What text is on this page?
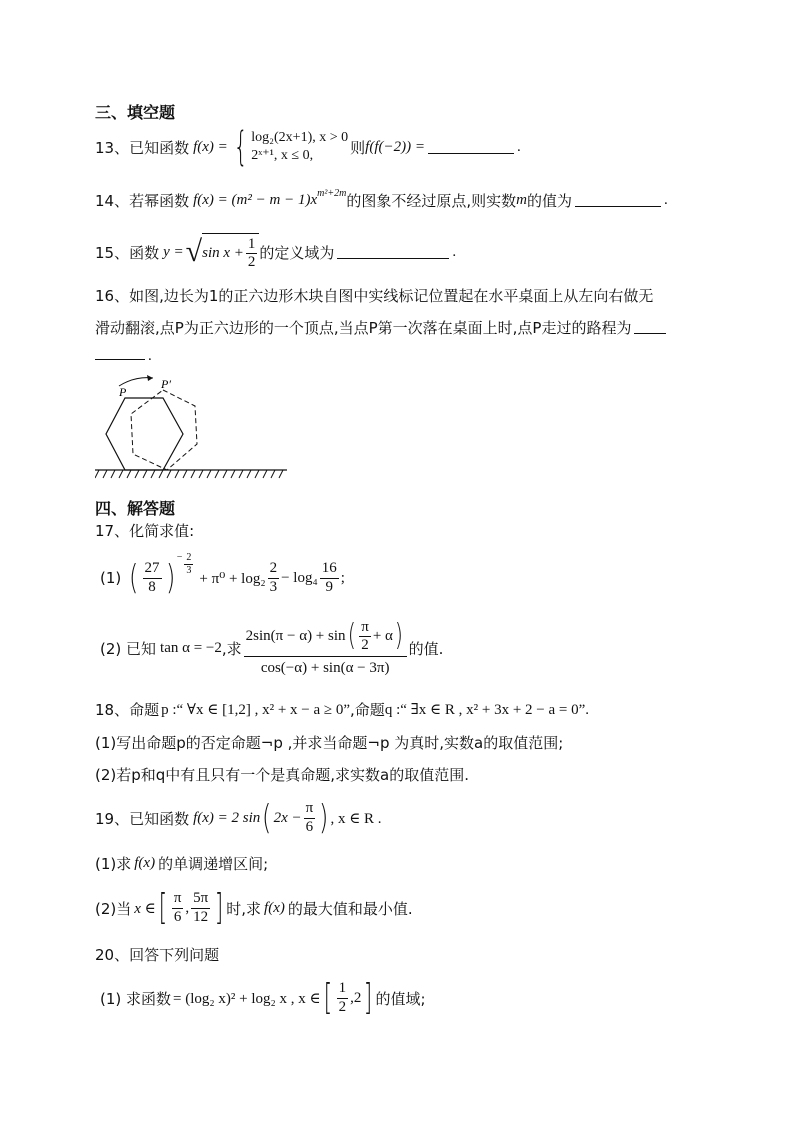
三、填空题
13、 已知函数 f(x) = { log₂(2x+1), x > 0
2ˣ⁺¹, x ≤ 0,	则 f(f(−2)) =	.
14、 若幂函数 f(x) = (m² − m − 1)x m²+2m 的图象不经过原点,则实数 m 的值为	.
15、 函数 y = √ $\sin x + \frac{1}{2}$ 的定义域为	.
16、 如图,边长为1的正六边形木块自图中实线标记位置起在水平桌面上从左向右做无
滑动翻滚,点P为正六边形的一个顶点,当点P第一次落在桌面上时,点P走过的路程为
.
P
P′
四、解答题
17、化简求值:
(1) ( $\frac{27}{8}$ )
− $\frac{2}{3}$
+ $\pi^0 + \log_2 \frac{2}{3} - \log_4 \frac{16}{9}$ ;
(2) 已知 tan α = −2 ,求
2sin(π − α) + sin ( $\frac{\pi}{2} + \alpha$ )
cos(−α) + sin(α − 3π)
的值.
18、命题 p :“ ∀x ∈ [1,2] , x² + x − a ≥ 0” ,命题 q :“ ∃x ∈ R , x² + 3x + 2 − a = 0”.
(1)写出命题p的否定命题¬p ,并求当命题¬p 为真时,实数a的取值范围;
(2)若p和q中有且只有一个是真命题,求实数a的取值范围.
19、已知函数 f(x) = 2 sin ( $2x - \frac{\pi}{6}$ ) , x ∈ R .
(1)求 f(x) 的单调递增区间;
(2)当 x ∈ [ $\frac{\pi}{6}$ , $\frac{5\pi}{12}$ ] 时,求 f(x) 的最大值和最小值.
20、回答下列问题
(1) 求函数 = (log₂ x)² + log₂ x , x ∈ [ $\frac{1}{2} ,2$ ] 的值域;
